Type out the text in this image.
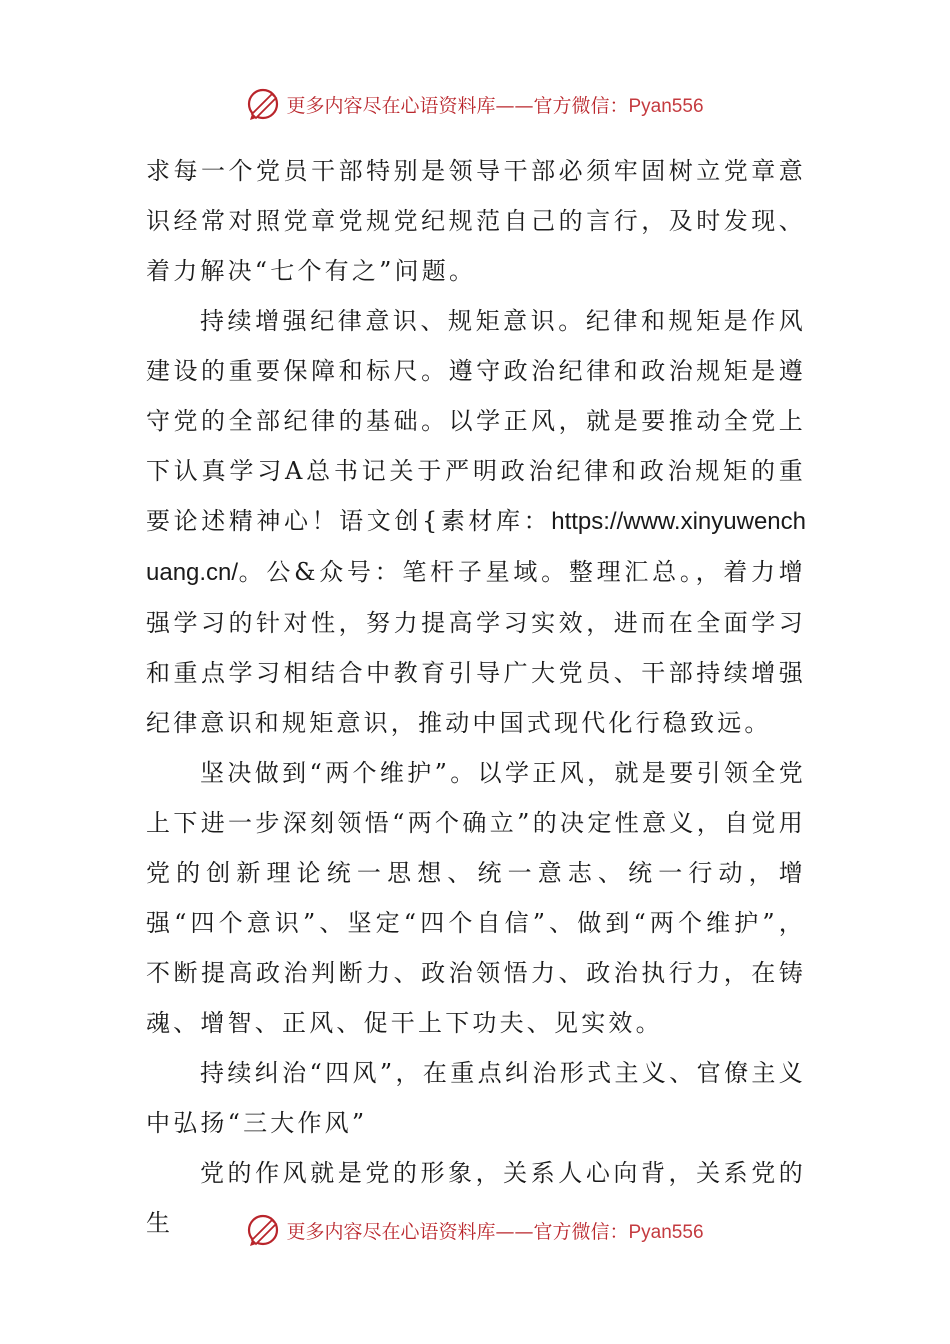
更多内容尽在心语资料库——官方微信：Pyan556

求每一个党员干部特别是领导干部必须牢固树立党章意识经常对照党章党规党纪规范自己的言行，及时发现、着力解决“七个有之”问题。

持续增强纪律意识、规矩意识。纪律和规矩是作风建设的重要保障和标尺。遵守政治纪律和政治规矩是遵守党的全部纪律的基础。以学正风，就是要推动全党上下认真学习A总书记关于严明政治纪律和政治规矩的重要论述精神心！语文创{素材库：https://www.xinyuwenchuang.cn/。公&众号：笔杆子星域。整理汇总。，着力增强学习的针对性，努力提高学习实效，进而在全面学习和重点学习相结合中教育引导广大党员、干部持续增强纪律意识和规矩意识，推动中国式现代化行稳致远。

坚决做到“两个维护”。以学正风，就是要引领全党上下进一步深刻领悟“两个确立”的决定性意义，自觉用党的创新理论统一思想、统一意志、统一行动，增强“四个意识”、坚定“四个自信”、做到“两个维护”，不断提高政治判断力、政治领悟力、政治执行力，在铸魂、增智、正风、促干上下功夫、见实效。

持续纠治“四风”，在重点纠治形式主义、官僚主义中弘扬“三大作风”

党的作风就是党的形象，关系人心向背，关系党的生	更多内容尽在心语资料库——官方微信：Pyan556
